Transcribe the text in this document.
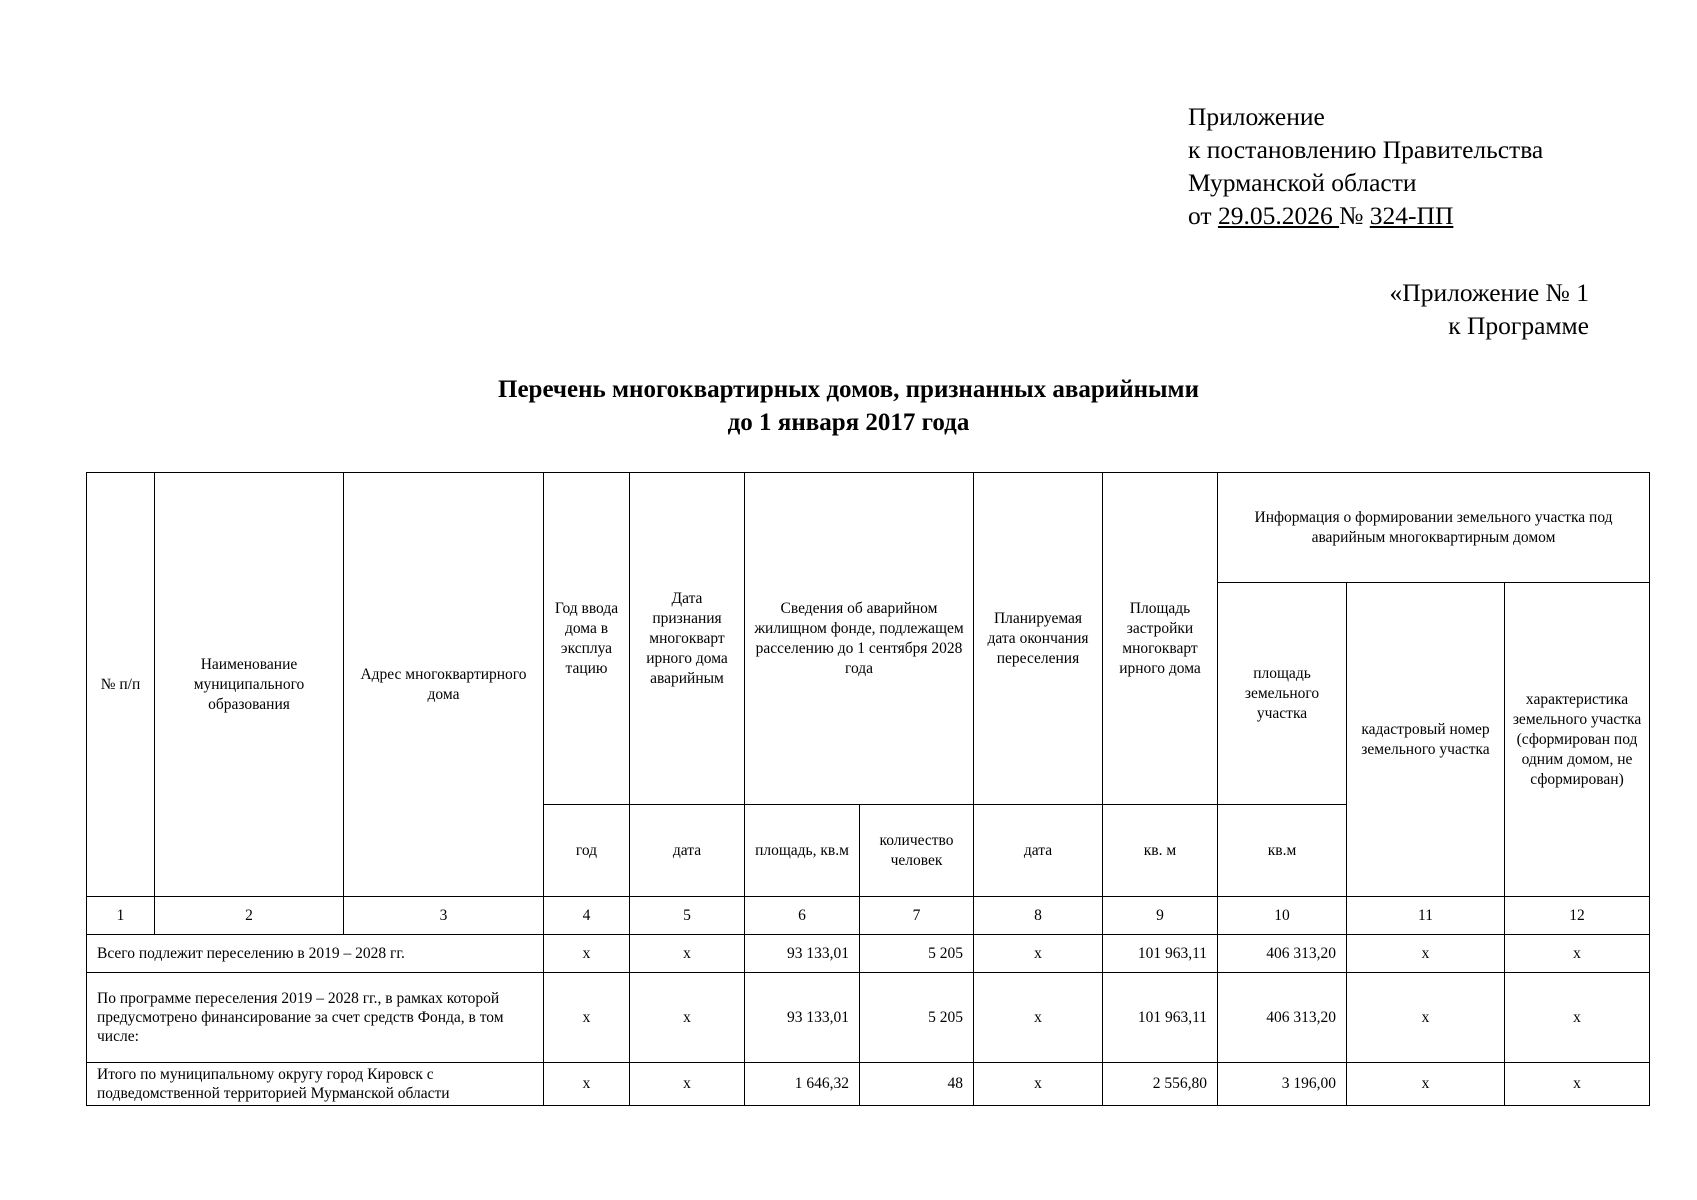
Приложение
к постановлению Правительства
Мурманской области
от 29.05.2026 № 324-ПП
«Приложение № 1
к Программе
Перечень многоквартирных домов, признанных аварийными
до 1 января 2017 года
№ п/п	Наименование муниципального образования	Адрес многоквартирного дома	Год ввода дома в эксплуа тацию	Дата признания многокварт ирного дома аварийным	Сведения об аварийном жилищном фонде, подлежащем расселению до 1 сентября 2028 года		Планируемая дата окончания переселения	Площадь застройки многокварт ирного дома	Информация о формировании земельного участка под аварийным многоквартирным домом		
									площадь земельного участка	кадастровый номер земельного участка	характеристика земельного участка (сформирован под одним домом, не сформирован)
			год	дата	площадь, кв.м	количество человек	дата	кв. м	кв.м		
1	2	3	4	5	6	7	8	9	10	11	12
Всего подлежит переселению в 2019 – 2028 гг.			x	x	93 133,01	5 205	x	101 963,11	406 313,20	x	x
По программе переселения 2019 – 2028 гг., в рамках которой предусмотрено финансирование за счет средств Фонда, в том числе:			x	x	93 133,01	5 205	x	101 963,11	406 313,20	x	x
Итого по муниципальному округу город Кировск с подведомственной территорией Мурманской области			x	x	1 646,32	48	x	2 556,80	3 196,00	x	x
